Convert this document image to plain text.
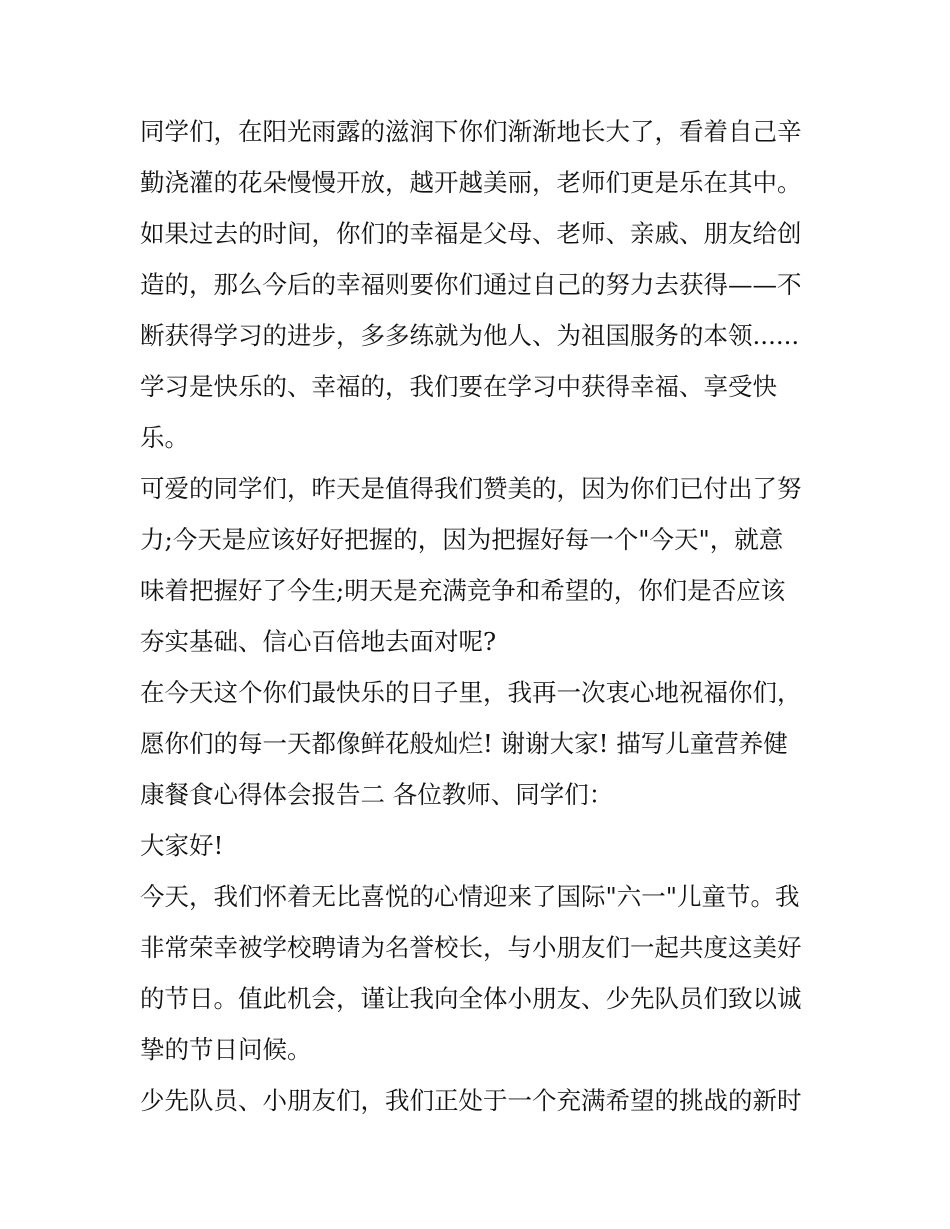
同学们，在阳光雨露的滋润下你们渐渐地长大了，看着自己辛
勤浇灌的花朵慢慢开放，越开越美丽，老师们更是乐在其中。
如果过去的时间，你们的幸福是父母、老师、亲戚、朋友给创
造的，那么今后的幸福则要你们通过自己的努力去获得——不
断获得学习的进步，多多练就为他人、为祖国服务的本领......
学习是快乐的、幸福的，我们要在学习中获得幸福、享受快
乐。
可爱的同学们，昨天是值得我们赞美的，因为你们已付出了努
力;今天是应该好好把握的，因为把握好每一个"今天"，就意
味着把握好了今生;明天是充满竞争和希望的，你们是否应该
夯实基础、信心百倍地去面对呢?
在今天这个你们最快乐的日子里，我再一次衷心地祝福你们，
愿你们的每一天都像鲜花般灿烂! 谢谢大家! 描写儿童营养健
康餐食心得体会报告二 各位教师、同学们：
大家好!
今天，我们怀着无比喜悦的心情迎来了国际"六一"儿童节。我
非常荣幸被学校聘请为名誉校长，与小朋友们一起共度这美好
的节日。值此机会，谨让我向全体小朋友、少先队员们致以诚
挚的节日问候。
少先队员、小朋友们，我们正处于一个充满希望的挑战的新时
